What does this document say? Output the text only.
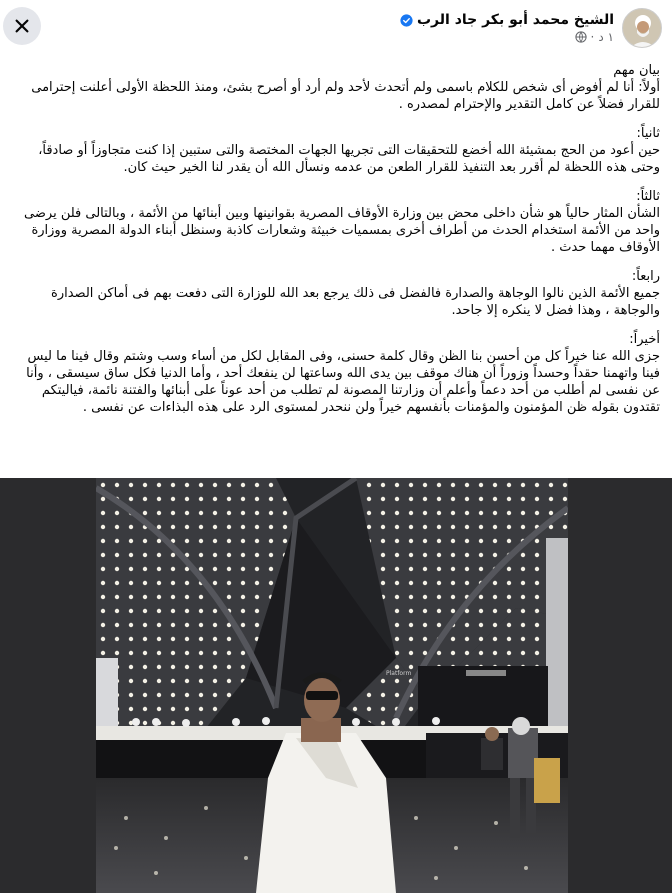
الشيخ محمد أبو بكر جاد الرب
١ د
·

بيان مهم

أولاً: أنا لم أفوض أى شخص للكلام باسمى ولم أتحدث لأحد ولم أرد أو أصرح بشئ، ومنذ اللحظة الأولى أعلنت إحترامى للقرار فضلاً عن كامل التقدير والإحترام لمصدره .

ثانياً:

حين أعود من الحج بمشيئة الله أخضع للتحقيقات التى تجريها الجهات المختصة والتى ستبين إذا كنت متجاوزاً أو صادقاً، وحتى هذه اللحظة لم أقرر بعد التنفيذ للقرار الطعن من عدمه ونسأل الله أن يقدر لنا الخير حيث كان.

ثالثاً:

الشأن المثار حالياً هو شأن داخلى محض بين وزارة الأوقاف المصرية بقوانينها وبين أبنائها من الأئمة ، وبالتالى فلن يرضى واحد من الأئمة استخدام الحدث من أطراف أخرى بمسميات خبيثة وشعارات كاذبة وسنظل أبناء الدولة المصرية ووزارة الأوقاف مهما حدث .

رابعاً:

جميع الأئمة الذين نالوا الوجاهة والصدارة فالفضل فى ذلك يرجع بعد الله للوزارة التى دفعت بهم فى أماكن الصدارة والوجاهة ، وهذا فضل لا ينكره إلا جاحد.

أخيراً:

جزى الله عنا خيراً كل من أحسن بنا الظن وقال كلمة حسنى، وفى المقابل لكل من أساء وسب وشتم وقال فينا ما ليس فينا واتهمنا حقداً وحسداً وزوراً أن هناك موقف بين يدى الله وساعتها لن ينفعك أحد ، وأما الدنيا فكل ساق سيسقى ، وأنا عن نفسى لم أطلب من أحد دعماً وأعلم أن وزارتنا المصونة لم تطلب من أحد عوناً على أبنائها والفتنة نائمة، فياليتكم تقتدون بقوله ظن المؤمنون والمؤمنات بأنفسهم خيراً ولن ننحدر لمستوى الرد على هذه البذاءات عن نفسى .

Platform
